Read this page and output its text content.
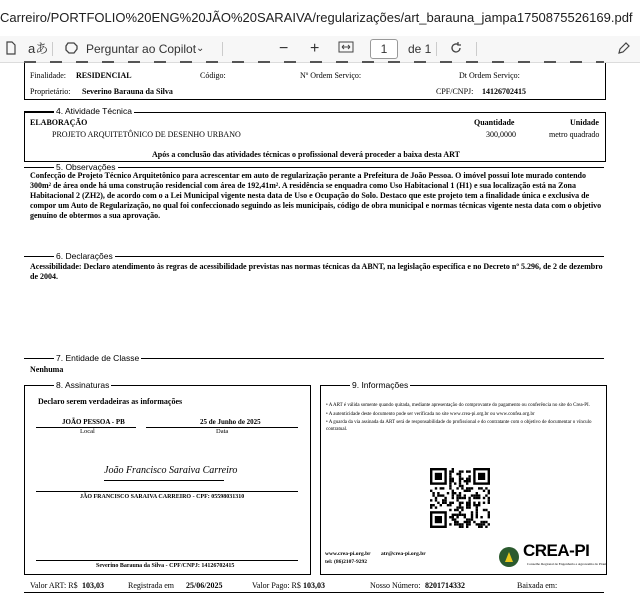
Carreiro/PORTFOLIO%20ENG%20JÃO%20SARAIVA/regularizações/art_barauna_jampa1750875526169.pdf
aあ	Perguntar ao Copilot ⌄	− +	1	de 1
Finalidade: RESIDENCIAL	Código:	Nº Ordem Serviço:	Dt Ordem Serviço:
Proprietário: Severino Barauna da Silva	CPF/CNPJ: 14126702415
4. Atividade Técnica
ELABORAÇÃO	Quantidade	Unidade
PROJETO ARQUITETÔNICO DE DESENHO URBANO	300,0000	metro quadrado
Após a conclusão das atividades técnicas o profissional deverá proceder a baixa desta ART
5. Observações
Confecção de Projeto Técnico Arquitetônico para acrescentar em auto de regularização perante a Prefeitura de João Pessoa. O imóvel possui lote murado contendo 300m² de área onde há uma construção residencial com área de 192,41m². A residência se enquadra como Uso Habitacional 1 (H1) e sua localização está na Zona Habitacional 2 (ZH2), de acordo com o a Lei Municipal vigente nesta data de Uso e Ocupação do Solo. Destaco que este projeto tem a finalidade única e exclusiva de compor um Auto de Regularização, no qual foi confeccionado seguindo as leis municipais, código de obra municipal e normas técnicas vigente nesta data com o objetivo genuíno de obtermos a sua aprovação.
6. Declarações
Acessibilidade: Declaro atendimento às regras de acessibilidade previstas nas normas técnicas da ABNT, na legislação específica e no Decreto nº 5.296, de 2 de dezembro de 2004.
7. Entidade de Classe
Nenhuma
8. Assinaturas
Declaro serem verdadeiras as informações
JOÃO PESSOA - PB	25 de Junho de 2025
Local	Data
João Francisco Saraiva Carreiro
JÃO FRANCISCO SARAIVA CARREIRO - CPF: 05598031310
Severino Barauna da Silva - CPF/CNPJ: 14126702415
9. Informações
• A ART é válida somente quando quitada, mediante apresentação do comprovante do pagamento ou conferência no site do Crea-PI.
• A autenticidade deste documento pode ser verificada no site www.crea-pi.org.br ou www.confea.org.br
• A guarda da via assinada da ART será de responsabilidade do profissional e do contratante com o objetivo de documentar o vínculo contratual.
www.crea-pi.org.br atr@crea-pi.org.br
tel: (86)2107-9292
CREA-PI
Conselho Regional de Engenharia e Agronomia do Piauí
Valor ART: R$ 103,03	Registrada em 25/06/2025	Valor Pago: R$ 103,03	Nosso Número: 8201714332	Baixada em:
